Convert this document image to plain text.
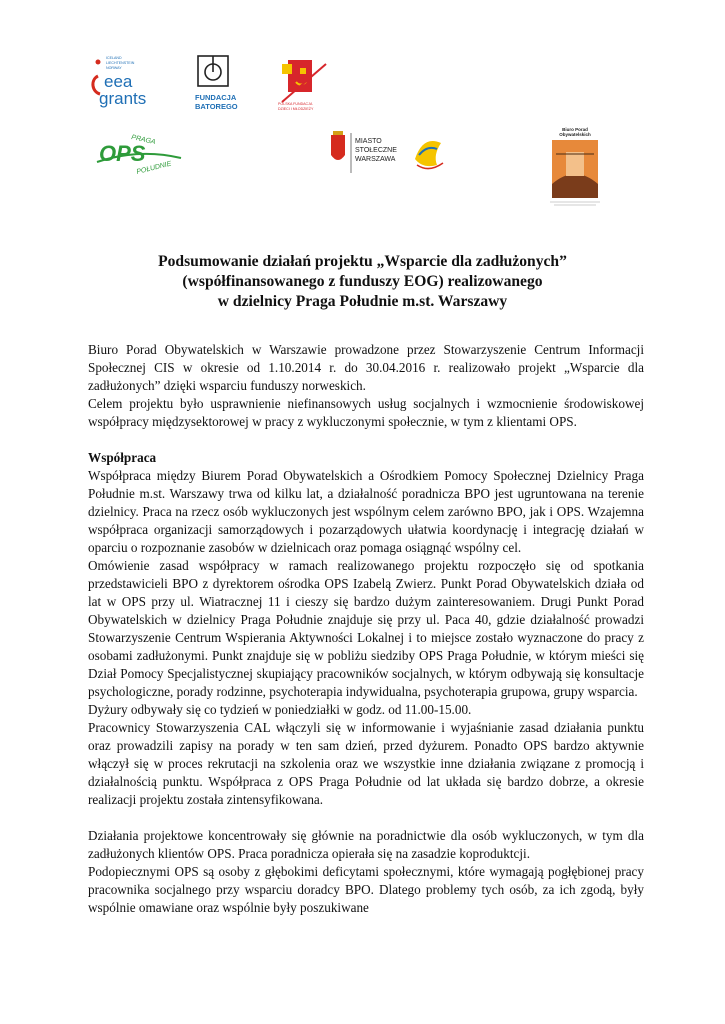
ICELAND
LIECHTENSTEIN
NORWAY
eea
grants	FUNDACJA
BATOREGO	POLSKA FUNDACJA
DZIECI I MŁODZIEŻY
PRAGA
OPS
POŁUDNIE
MIASTO
STOŁECZNE
WARSZAWA
Biuro Porad
Obywatelskich
Podsumowanie działań projektu „Wsparcie dla zadłużonych”
(współfinansowanego z funduszy EOG) realizowanego
w dzielnicy Praga Południe m.st. Warszawy

Biuro Porad Obywatelskich w Warszawie prowadzone przez Stowarzyszenie Centrum Informacji Społecznej CIS w okresie od 1.10.2014 r. do 30.04.2016 r. realizowało projekt „Wsparcie dla zadłużonych” dzięki wsparciu funduszy norweskich.

Celem projektu było usprawnienie niefinansowych usług socjalnych i wzmocnienie środowiskowej współpracy międzysektorowej w pracy z wykluczonymi społecznie, w tym z klientami OPS.

Współpraca

Współpraca między Biurem Porad Obywatelskich a Ośrodkiem Pomocy Społecznej Dzielnicy Praga Południe m.st. Warszawy trwa od kilku lat, a działalność poradnicza BPO jest ugruntowana na terenie dzielnicy. Praca na rzecz osób wykluczonych jest wspólnym celem zarówno BPO, jak i OPS. Wzajemna współpraca organizacji samorządowych i pozarządowych ułatwia koordynację i integrację działań w oparciu o rozpoznanie zasobów w dzielnicach oraz pomaga osiągnąć wspólny cel.

Omówienie zasad współpracy w ramach realizowanego projektu rozpoczęło się od spotkania przedstawicieli BPO z dyrektorem ośrodka OPS Izabelą Zwierz. Punkt Porad Obywatelskich działa od lat w OPS przy ul. Wiatracznej 11 i cieszy się bardzo dużym zainteresowaniem. Drugi Punkt Porad Obywatelskich w dzielnicy Praga Południe znajduje się przy ul. Paca 40, gdzie działalność prowadzi Stowarzyszenie Centrum Wspierania Aktywności Lokalnej i to miejsce zostało wyznaczone do pracy z osobami zadłużonymi. Punkt znajduje się w pobliżu siedziby OPS Praga Południe, w którym mieści się Dział Pomocy Specjalistycznej skupiający pracowników socjalnych, w którym odbywają się konsultacje psychologiczne, porady rodzinne, psychoterapia indywidualna, psychoterapia grupowa, grupy wsparcia.

Dyżury odbywały się co tydzień w poniedziałki w godz. od 11.00-15.00.

Pracownicy Stowarzyszenia CAL włączyli się w informowanie i wyjaśnianie zasad działania punktu oraz prowadzili zapisy na porady w ten sam dzień, przed dyżurem. Ponadto OPS bardzo aktywnie włączył się w proces rekrutacji na szkolenia oraz we wszystkie inne działania związane z promocją i działalnością punktu. Współpraca z OPS Praga Południe od lat układa się bardzo dobrze, a okresie realizacji projektu została zintensyfikowana.

Działania projektowe koncentrowały się głównie na poradnictwie dla osób wykluczonych, w tym dla zadłużonych klientów OPS. Praca poradnicza opierała się na zasadzie koproduktcji.

Podopiecznymi OPS są osoby z głębokimi deficytami społecznymi, które wymagają pogłębionej pracy pracownika socjalnego przy wsparciu doradcy BPO. Dlatego problemy tych osób, za ich zgodą, były wspólnie omawiane oraz wspólnie były poszukiwane
